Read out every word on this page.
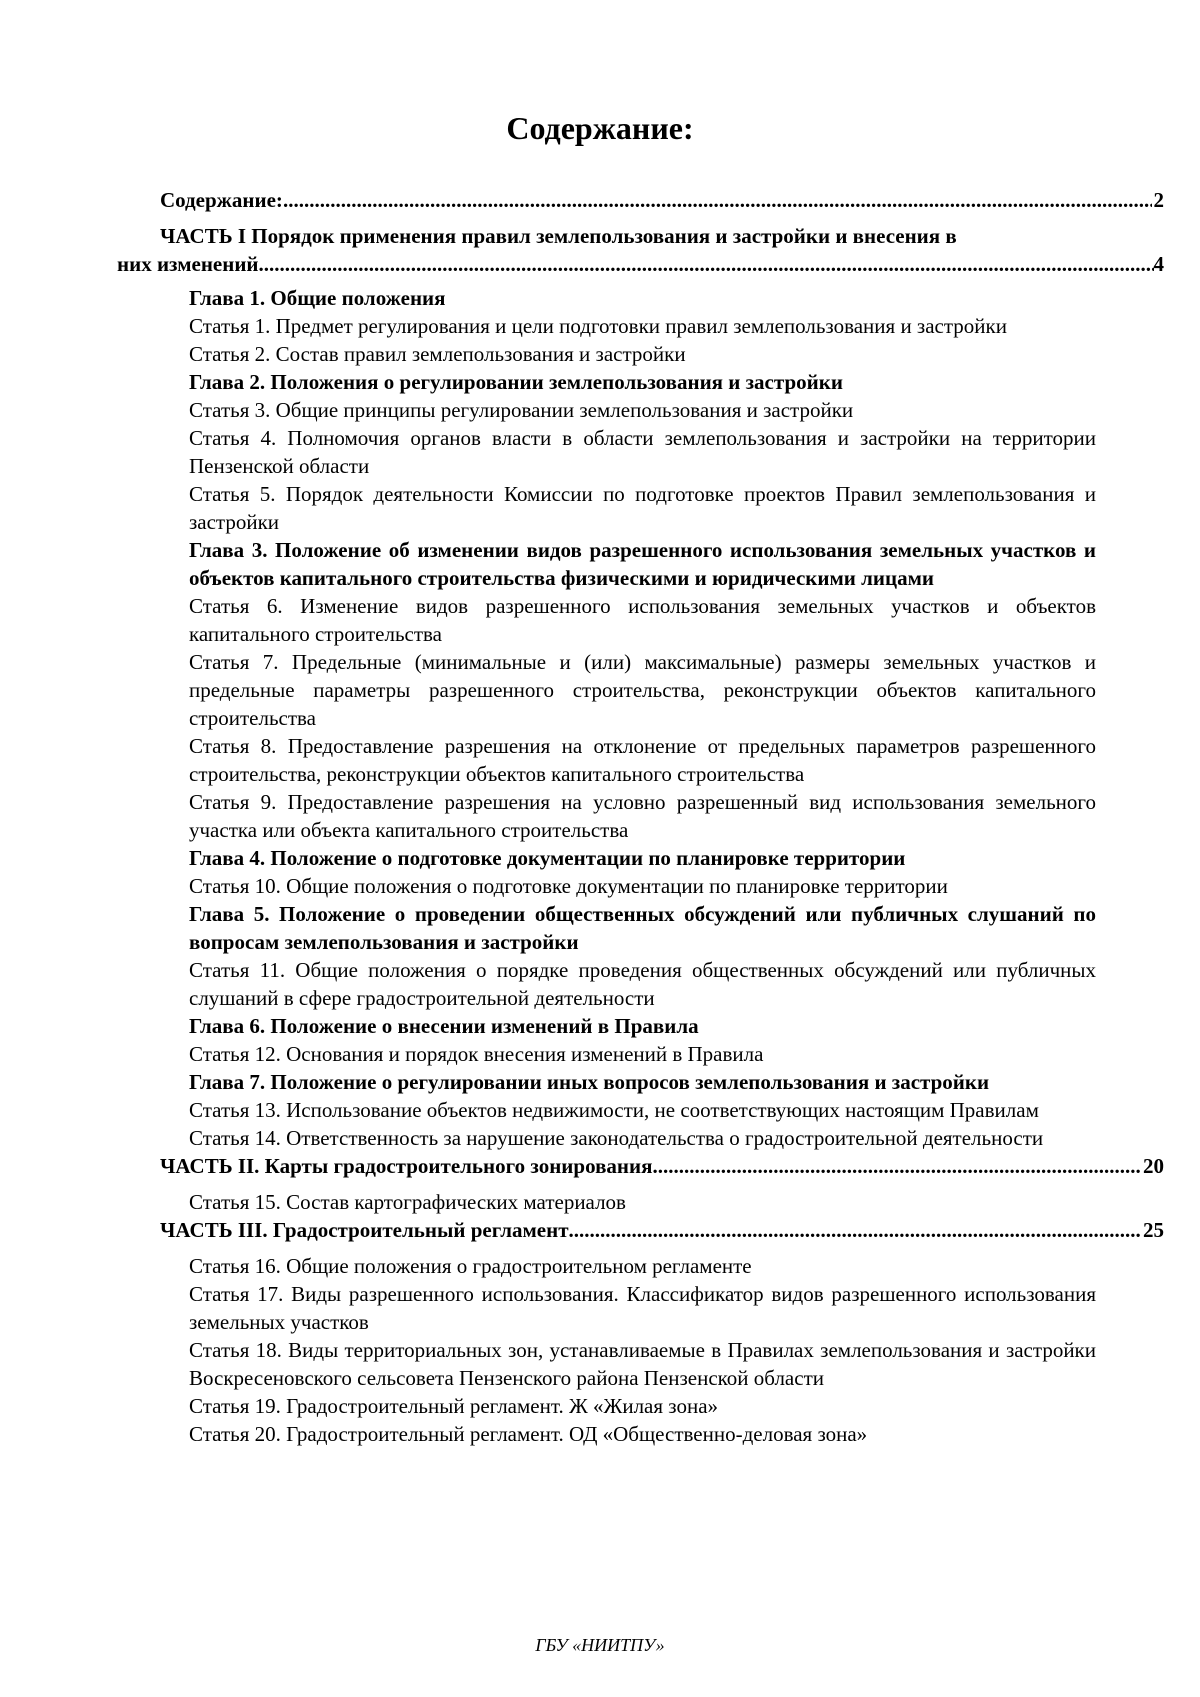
Содержание:
Содержание: .....	2
ЧАСТЬ I Порядок применения правил землепользования и застройки и внесения в
них изменений .....	4
Глава 1. Общие положения
Статья 1. Предмет регулирования и цели подготовки правил землепользования и застройки
Статья 2. Состав правил землепользования и застройки
Глава 2. Положения о регулировании землепользования и застройки
Статья 3. Общие принципы регулировании землепользования и застройки
Статья 4. Полномочия органов власти в области землепользования и застройки на территории Пензенской области
Статья 5. Порядок деятельности Комиссии по подготовке проектов Правил землепользования и застройки
Глава 3. Положение об изменении видов разрешенного использования земельных участков и объектов капитального строительства физическими и юридическими лицами
Статья 6. Изменение видов разрешенного использования земельных участков и объектов капитального строительства
Статья 7. Предельные (минимальные и (или) максимальные) размеры земельных участков и предельные параметры разрешенного строительства, реконструкции объектов капитального строительства
Статья 8. Предоставление разрешения на отклонение от предельных параметров разрешенного строительства, реконструкции объектов капитального строительства
Статья 9. Предоставление разрешения на условно разрешенный вид использования земельного участка или объекта капитального строительства
Глава 4. Положение о подготовке документации по планировке территории
Статья 10. Общие положения о подготовке документации по планировке территории
Глава 5. Положение о проведении общественных обсуждений или публичных слушаний по вопросам землепользования и застройки
Статья 11. Общие положения о порядке проведения общественных обсуждений или публичных слушаний в сфере градостроительной деятельности
Глава 6. Положение о внесении изменений в Правила
Статья 12. Основания и порядок внесения изменений в Правила
Глава 7. Положение о регулировании иных вопросов землепользования и застройки
Статья 13. Использование объектов недвижимости, не соответствующих настоящим Правилам
Статья 14. Ответственность за нарушение законодательства о градостроительной деятельности
ЧАСТЬ II. Карты градостроительного зонирования .....	20
Статья 15. Состав картографических материалов
ЧАСТЬ III. Градостроительный регламент .....	25
Статья 16. Общие положения о градостроительном регламенте
Статья 17. Виды разрешенного использования. Классификатор видов разрешенного использования земельных участков
Статья 18. Виды территориальных зон, устанавливаемые в Правилах землепользования и застройки Воскресеновского сельсовета Пензенского района Пензенской области
Статья 19. Градостроительный регламент. Ж «Жилая зона»
Статья 20. Градостроительный регламент. ОД «Общественно-деловая зона»
ГБУ «НИИТПУ»
